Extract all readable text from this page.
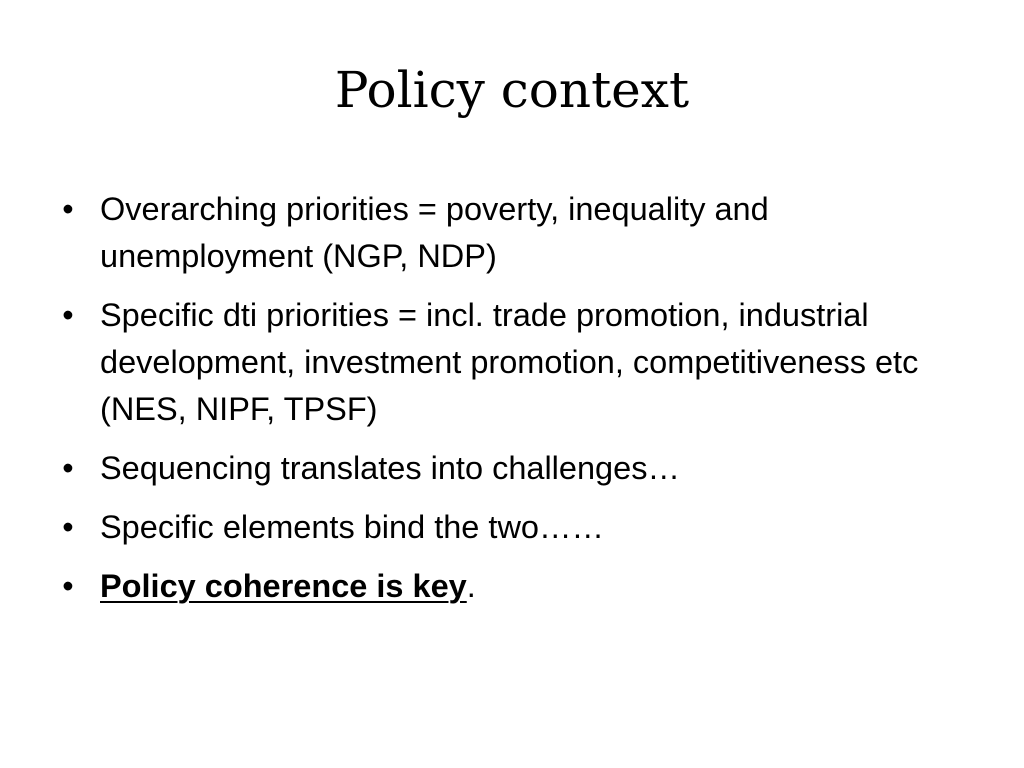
Policy context
• Overarching priorities = poverty, inequality and unemployment (NGP, NDP)
• Specific dti priorities = incl. trade promotion, industrial development, investment promotion, competitiveness etc (NES, NIPF, TPSF)
• Sequencing translates into challenges…
• Specific elements bind the two……
• Policy coherence is key.
